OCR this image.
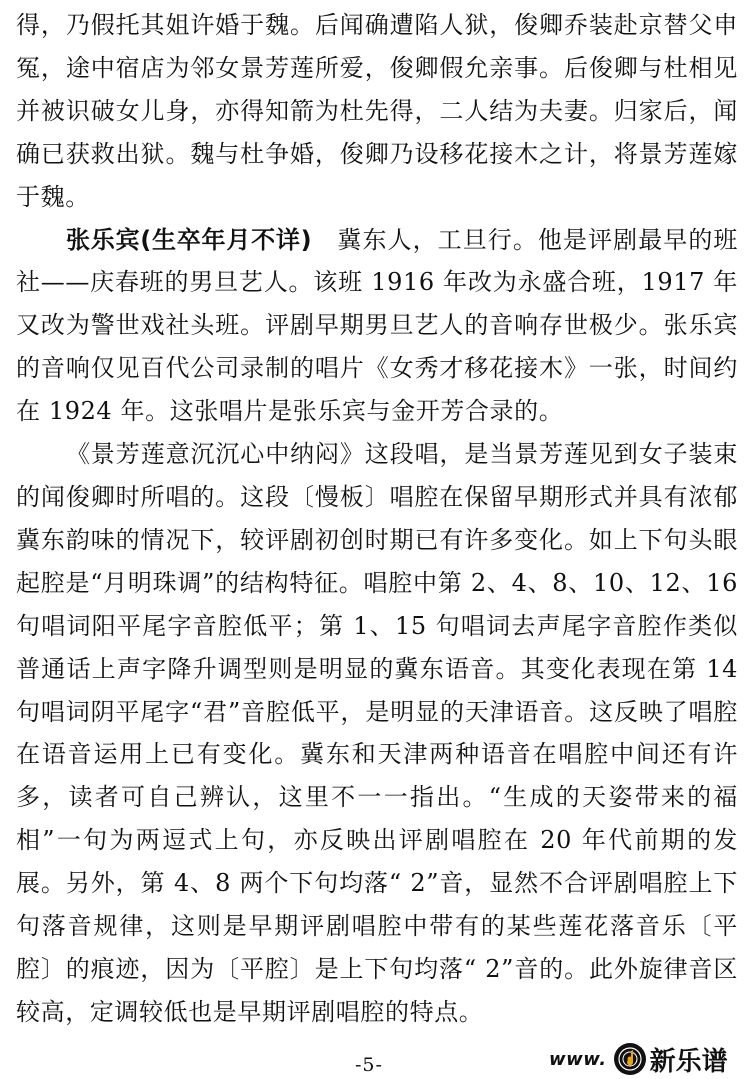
得，乃假托其姐许婚于魏。后闻确遭陷人狱，俊卿乔装赴京替父申冤，途中宿店为邻女景芳莲所爱，俊卿假允亲事。后俊卿与杜相见并被识破女儿身，亦得知箭为杜先得，二人结为夫妻。归家后，闻确已获救出狱。魏与杜争婚，俊卿乃设移花接木之计，将景芳莲嫁于魏。

张乐宾(生卒年月不详)　冀东人，工旦行。他是评剧最早的班社——庆春班的男旦艺人。该班 1916 年改为永盛合班，1917 年又改为警世戏社头班。评剧早期男旦艺人的音响存世极少。张乐宾的音响仅见百代公司录制的唱片《女秀才移花接木》一张，时间约在 1924 年。这张唱片是张乐宾与金开芳合录的。

《景芳莲意沉沉心中纳闷》这段唱，是当景芳莲见到女子装束的闻俊卿时所唱的。这段〔慢板〕唱腔在保留早期形式并具有浓郁冀东韵味的情况下，较评剧初创时期已有许多变化。如上下句头眼起腔是“月明珠调”的结构特征。唱腔中第 2、4、8、10、12、16 句唱词阳平尾字音腔低平；第 1、15 句唱词去声尾字音腔作类似普通话上声字降升调型则是明显的冀东语音。其变化表现在第 14 句唱词阴平尾字“君”音腔低平，是明显的天津语音。这反映了唱腔在语音运用上已有变化。冀东和天津两种语音在唱腔中间还有许多，读者可自己辨认，这里不一一指出。“生成的天姿带来的福相”一句为两逗式上句，亦反映出评剧唱腔在 20 年代前期的发展。另外，第 4、8 两个下句均落“ 2”音，显然不合评剧唱腔上下句落音规律，这则是早期评剧唱腔中带有的某些莲花落音乐〔平腔〕的痕迹，因为〔平腔〕是上下句均落“ 2”音的。此外旋律音区较高，定调较低也是早期评剧唱腔的特点。

-5-	www. 新乐谱
